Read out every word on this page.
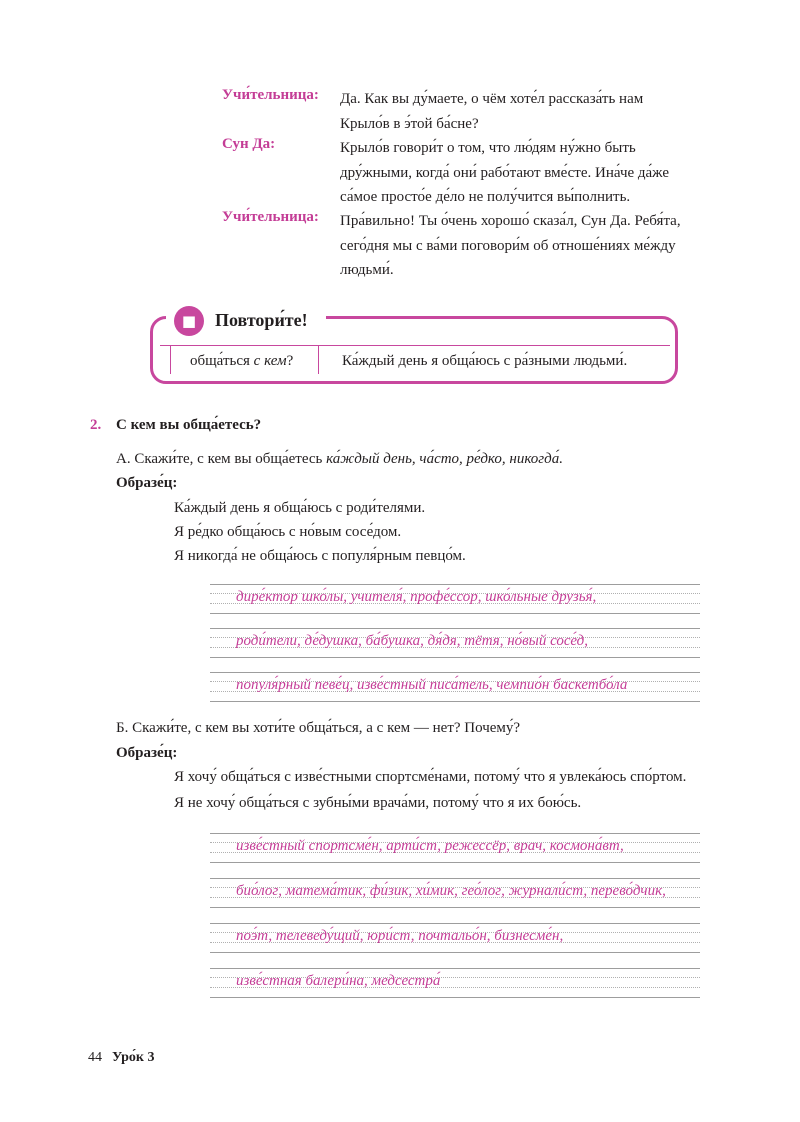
Учи́тельница: Да. Как вы ду́маете, о чём хоте́л рассказа́ть нам
Крыло́в в э́той ба́сне?
Сун Да:	Крыло́в говори́т о том, что лю́дям ну́жно быть
дру́жными, когда́ они́ рабо́тают вме́сте. Ина́че да́же
са́мое просто́е де́ло не полу́чится вы́полнить.
Учи́тельница: Пра́вильно! Ты о́чень хорошо́ сказа́л, Сун Да. Ребя́та,
сего́дня мы с ва́ми поговори́м об отноше́ниях ме́жду
людьми́.
■	Повтори́те!
обща́ться с кем?	Ка́ждый день я обща́юсь с ра́зными людьми́.
2. С кем вы обща́етесь?
А. Скажи́те, с кем вы обща́етесь ка́ждый день, ча́сто, ре́дко, никогда́.
Образе́ц:
Ка́ждый день я обща́юсь с роди́телями.
Я ре́дко обща́юсь с но́вым сосе́дом.
Я никогда́ не обща́юсь с популя́рным певцо́м.
дире́ктор шко́лы, учителя́, профе́ссор, шко́льные друзья́,
роди́тели, де́душка, ба́бушка, дя́дя, тётя, но́вый сосе́д,
популя́рный певе́ц, изве́стный писа́тель, чемпио́н баскетбо́ла
Б. Скажи́те, с кем вы хоти́те обща́ться, а с кем — нет? Почему́?
Образе́ц:
Я хочу́ обща́ться с изве́стными спортсме́нами, потому́ что я увлека́юсь спо́ртом.
Я не хочу́ обща́ться с зубны́ми врача́ми, потому́ что я их бою́сь.
изве́стный спортсме́н, арти́ст, режессёр, врач, космона́вт,
био́лог, матема́тик, фи́зик, хи́мик, гео́лог, журнали́ст, перево́дчик,
поэ́т, телеведу́щий, юри́ст, почтальо́н, бизнесме́н,
изве́стная балери́на, медсестра́
44 Уро́к 3
